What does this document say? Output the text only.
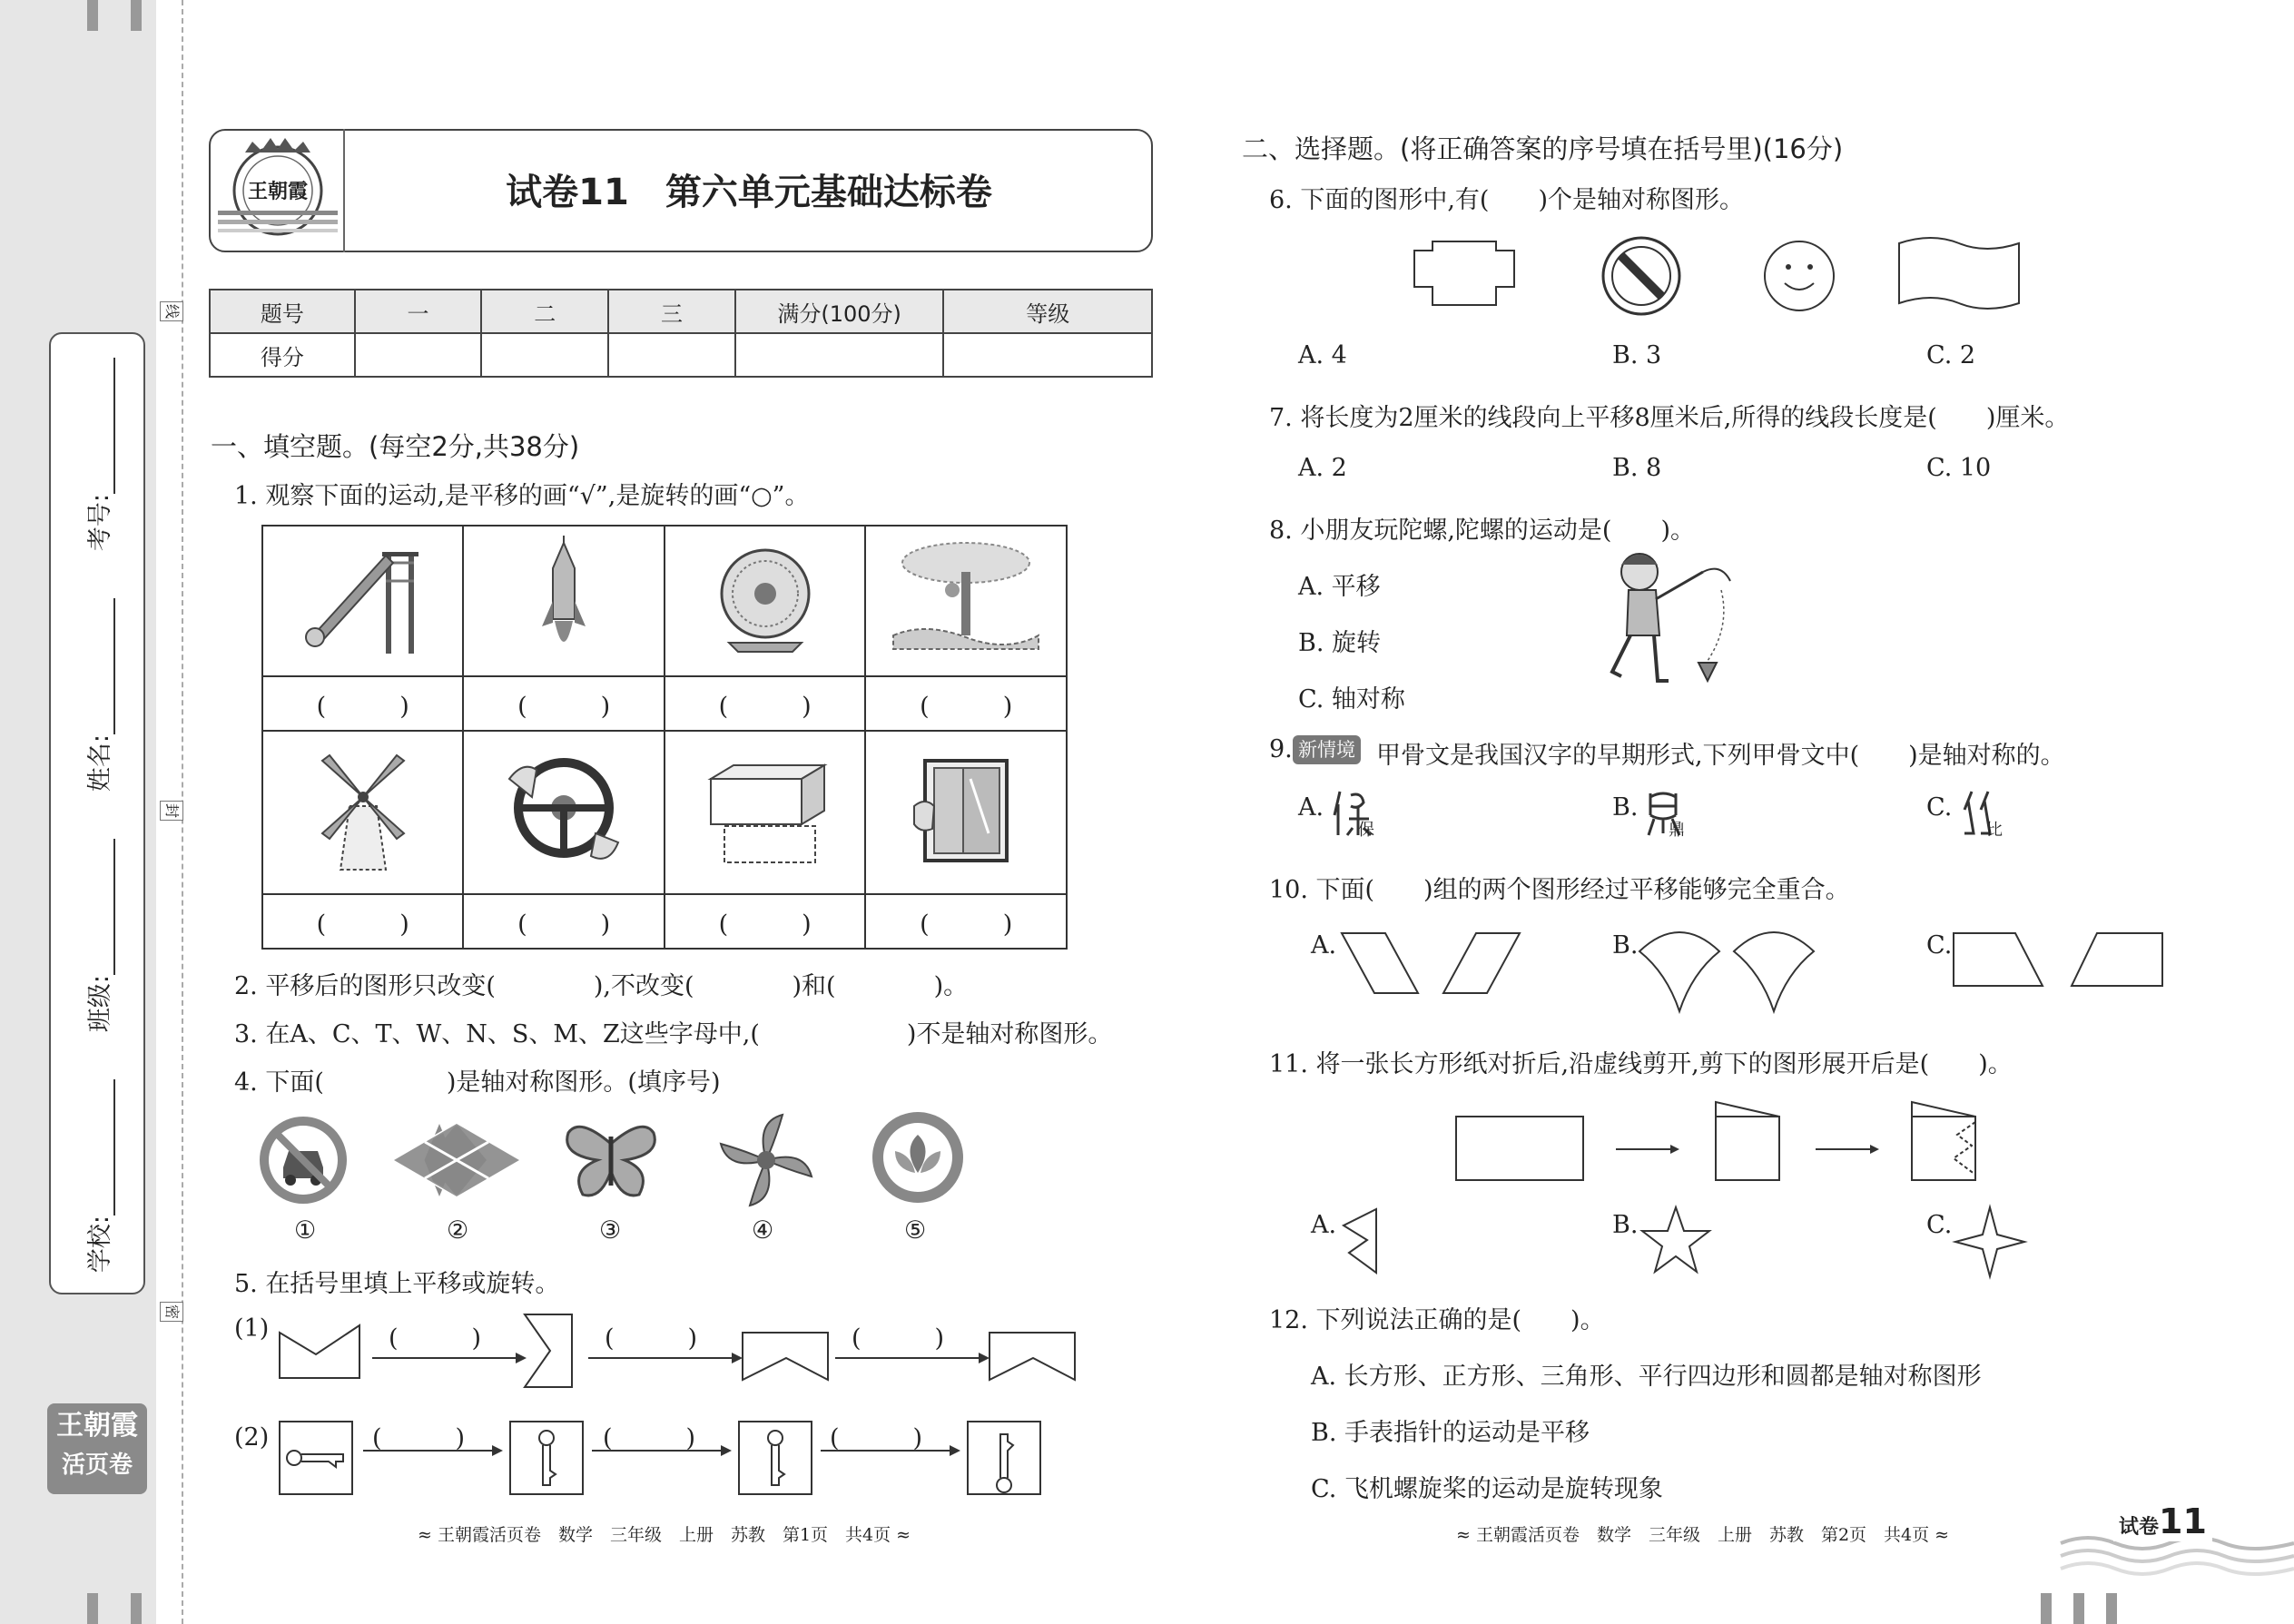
线
封
密
学校:
班级:
姓名:
考号:
王朝霞
活页卷
王朝霞	试卷11　第六单元基础达标卷
题号	一	二	三	满分(100分)	等级
得分					
一、填空题。(每空2分,共38分)
1. 观察下面的运动,是平移的画“√”,是旋转的画“○”。

(　　　)	(　　　)	(　　　)	(　　　)

(　　　)	(　　　)	(　　　)	(　　　)
2. 平移后的图形只改变(　　　　),不改变(　　　　)和(　　　　)。
3. 在A、C、T、W、N、S、M、Z这些字母中,(　　　　　　)不是轴对称图形。
4. 下面(　　　　　)是轴对称图形。(填序号)
①	②	③	④	⑤
5. 在括号里填上平移或旋转。
(1)	(　　　)	(　　　)	(　　　)
(2)	(　　　)	(　　　)	(　　　)
≈ 王朝霞活页卷　数学　三年级　上册　苏教　第1页　共4页 ≈
二、选择题。(将正确答案的序号填在括号里)(16分)
6. 下面的图形中,有(　　)个是轴对称图形。
A. 4	B. 3	C. 2
7. 将长度为2厘米的线段向上平移8厘米后,所得的线段长度是(　　)厘米。
A. 2	B. 8	C. 10
8. 小朋友玩陀螺,陀螺的运动是(　　)。
A. 平移
B. 旋转
C. 轴对称
9. 新情境 甲骨文是我国汉字的早期形式,下列甲骨文中(　　)是轴对称的。
A.
保
B.
鼎
C.
比
10. 下面(　　)组的两个图形经过平移能够完全重合。
A.	B.	C.
11. 将一张长方形纸对折后,沿虚线剪开,剪下的图形展开后是(　　)。
A.	B.	C.
12. 下列说法正确的是(　　)。
A. 长方形、正方形、三角形、平行四边形和圆都是轴对称图形
B. 手表指针的运动是平移
C. 飞机螺旋桨的运动是旋转现象
≈ 王朝霞活页卷　数学　三年级　上册　苏教　第2页　共4页 ≈	试卷11
